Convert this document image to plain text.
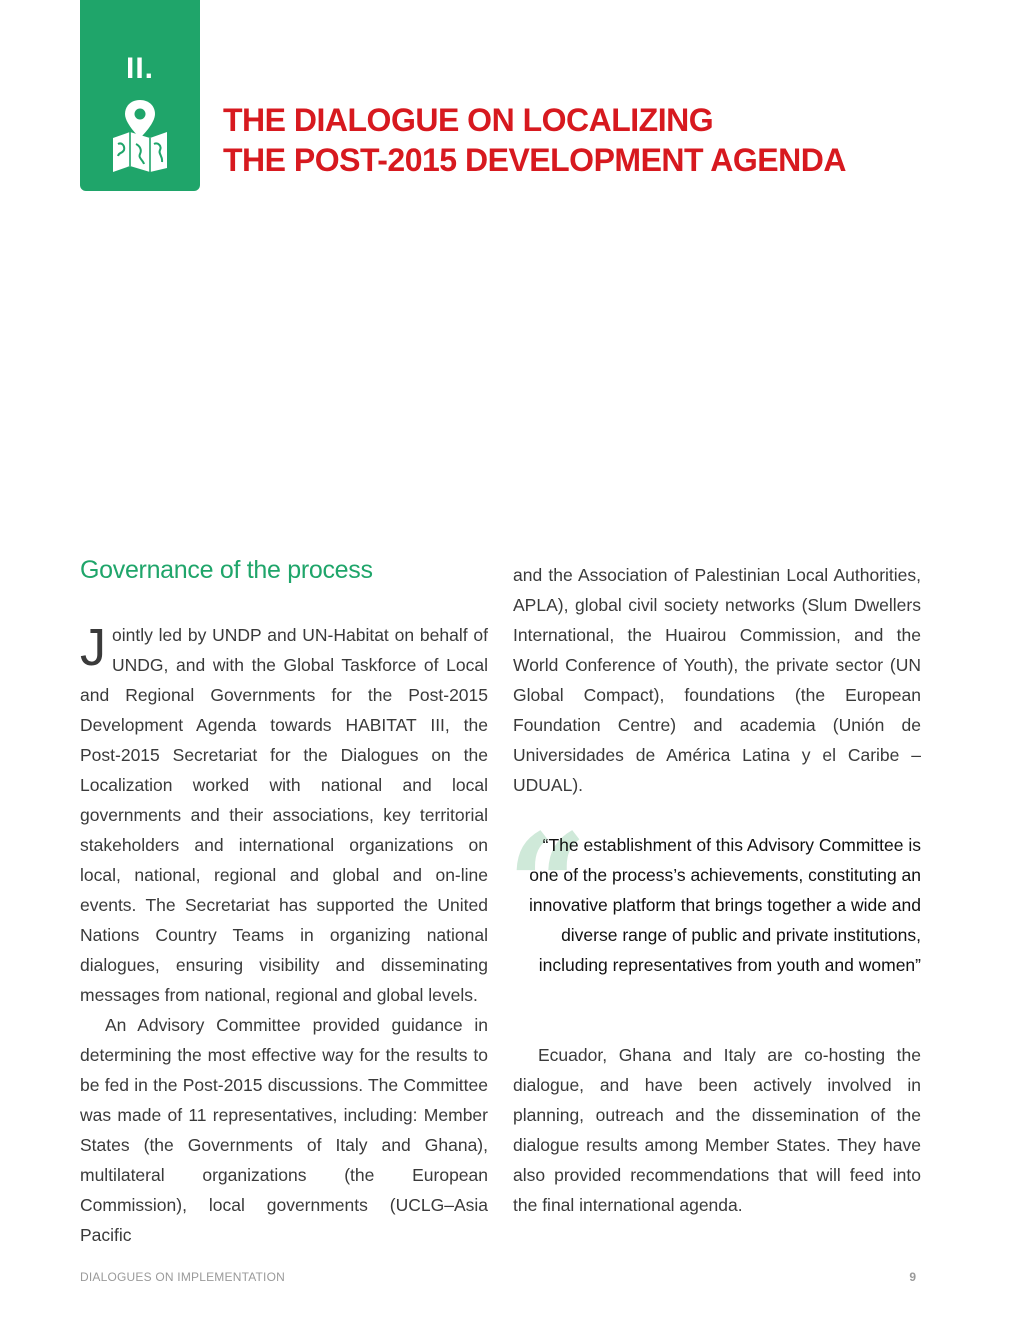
II.
THE DIALOGUE ON LOCALIZING
THE POST-2015 DEVELOPMENT AGENDA
Governance of the process

Jointly led by UNDP and UN-Habitat on behalf of UNDG, and with the Global Taskforce of Local and Regional Governments for the Post-2015 Development Agenda towards HABITAT III, the Post-2015 Secretariat for the Dialogues on the Localization worked with national and local governments and their associations, key territorial stakeholders and international organizations on local, national, regional and global and on-line events. The Secretariat has supported the United Nations Country Teams in organizing national dialogues, ensuring visibility and disseminating messages from national, regional and global levels.

An Advisory Committee provided guidance in determining the most effective way for the results to be fed in the Post-2015 discussions. The Committee was made of 11 representatives, including: Member States (the Governments of Italy and Ghana), multilateral organizations (the European Commission), local governments (UCLG–Asia Pacific

and the Association of Palestinian Local Authorities, APLA), global civil society networks (Slum Dwellers International, the Huairou Commission, and the World Conference of Youth), the private sector (UN Global Compact), foundations (the European Foundation Centre) and academia (Unión de Universidades de América Latina y el Caribe – UDUAL).

“

“The establishment of this Advisory Committee is one of the process’s achievements, constituting an innovative platform that brings together a wide and diverse range of public and private institutions, including representatives from youth and women”

Ecuador, Ghana and Italy are co-hosting the dialogue, and have been actively involved in planning, outreach and the dissemination of the dialogue results among Member States. They have also provided recommendations that will feed into the final international agenda.

DIALOGUES ON IMPLEMENTATION	9
